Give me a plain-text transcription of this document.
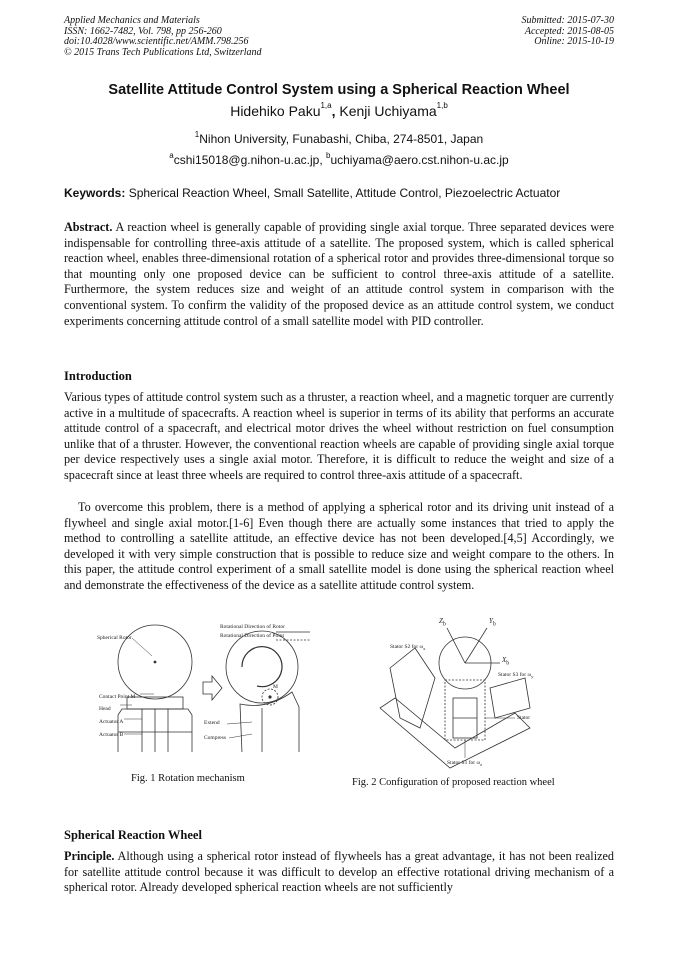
Applied Mechanics and Materials
ISSN: 1662-7482, Vol. 798, pp 256-260
doi:10.4028/www.scientific.net/AMM.798.256
© 2015 Trans Tech Publications Ltd, Switzerland
Submitted: 2015-07-30
Accepted: 2015-08-05
Online: 2015-10-19
Satellite Attitude Control System using a Spherical Reaction Wheel
Hidehiko Paku$^{1,a}$, Kenji Uchiyama$^{1,b}$
$^1$Nihon University, Funabashi, Chiba, 274-8501, Japan
$^a$cshi15018@g.nihon-u.ac.jp, $^b$uchiyama@aero.cst.nihon-u.ac.jp
Keywords: Spherical Reaction Wheel, Small Satellite, Attitude Control, Piezoelectric Actuator

Abstract. A reaction wheel is generally capable of providing single axial torque. Three separated devices were indispensable for controlling three-axis attitude of a satellite. The proposed system, which is called spherical reaction wheel, enables three-dimensional rotation of a spherical rotor and provides three-dimensional torque so that mounting only one proposed device can be sufficient to control three-axis attitude of a satellite. Furthermore, the system reduces size and weight of an attitude control system in comparison with the conventional system. To confirm the validity of the proposed device as an attitude control system, we conduct experiments concerning attitude control of a small satellite model with PID controller.

Introduction

Various types of attitude control system such as a thruster, a reaction wheel, and a magnetic torquer are currently active in a multitude of spacecrafts. A reaction wheel is superior in terms of its ability that performs an accurate attitude control of a spacecraft, and electrical motor drives the wheel without restriction on fuel consumption unlike that of a thruster. However, the conventional reaction wheels are capable of providing single axial torque per device respectively uses a single axial motor. Therefore, it is difficult to reduce the weight and size of a spacecraft since at least three wheels are required to control three-axis attitude of a spacecraft.

To overcome this problem, there is a method of applying a spherical rotor and its driving unit instead of a flywheel and single axial motor.[1-6] Even though there are actually some instances that tried to apply the method to controlling a satellite attitude, an effective device has not been developed.[4,5] Accordingly, we developed it with very simple construction that is possible to reduce size and weight compare to the others. In this paper, the attitude control experiment of a small satellite model is done using the spherical reaction wheel and demonstrate the effectiveness of the device as a satellite attitude control system.

Spherical Rotor
Contact Point M
Head
Actuator A
Actuator B
Rotational Direction of Rotor
Rotational Direction of Point
M
Extend
Compress
Fig. 1 Rotation mechanism
$Z_b$	$Y_b$
$X_b$
Stator S2 for $\omega_x$
Stator S3 for $\omega_y$
Stator
Stator S1 for $\omega_z$
Fig. 2 Configuration of proposed reaction wheel
Spherical Reaction Wheel

Principle. Although using a spherical rotor instead of flywheels has a great advantage, it has not been realized for satellite attitude control because it was difficult to develop an effective rotational driving mechanism of a spherical rotor. Already developed spherical reaction wheels are not sufficiently
